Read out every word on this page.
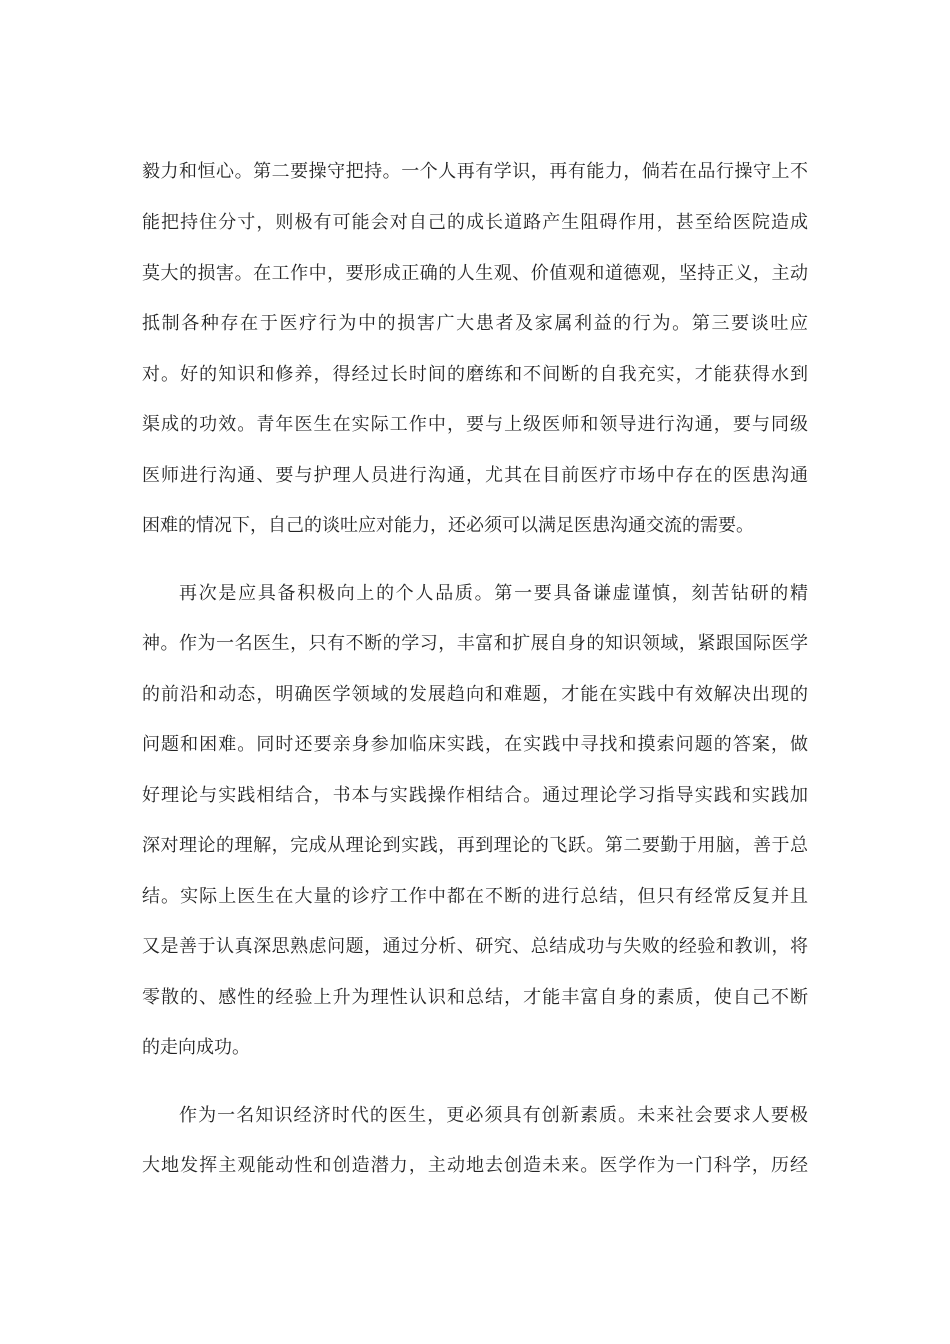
毅力和恒心。第二要操守把持。一个人再有学识，再有能力，倘若在品行操守上不
能把持住分寸，则极有可能会对自己的成长道路产生阻碍作用，甚至给医院造成
莫大的损害。在工作中，要形成正确的人生观、价值观和道德观，坚持正义，主动
抵制各种存在于医疗行为中的损害广大患者及家属利益的行为。第三要谈吐应
对。好的知识和修养，得经过长时间的磨练和不间断的自我充实，才能获得水到
渠成的功效。青年医生在实际工作中，要与上级医师和领导进行沟通，要与同级
医师进行沟通、要与护理人员进行沟通，尤其在目前医疗市场中存在的医患沟通
困难的情况下，自己的谈吐应对能力，还必须可以满足医患沟通交流的需要。
再次是应具备积极向上的个人品质。第一要具备谦虚谨慎，刻苦钻研的精
神。作为一名医生，只有不断的学习，丰富和扩展自身的知识领域，紧跟国际医学
的前沿和动态，明确医学领域的发展趋向和难题，才能在实践中有效解决出现的
问题和困难。同时还要亲身参加临床实践，在实践中寻找和摸索问题的答案，做
好理论与实践相结合，书本与实践操作相结合。通过理论学习指导实践和实践加
深对理论的理解，完成从理论到实践，再到理论的飞跃。第二要勤于用脑，善于总
结。实际上医生在大量的诊疗工作中都在不断的进行总结，但只有经常反复并且
又是善于认真深思熟虑问题，通过分析、研究、总结成功与失败的经验和教训，将
零散的、感性的经验上升为理性认识和总结，才能丰富自身的素质，使自己不断
的走向成功。
作为一名知识经济时代的医生，更必须具有创新素质。未来社会要求人要极
大地发挥主观能动性和创造潜力，主动地去创造未来。医学作为一门科学，历经
